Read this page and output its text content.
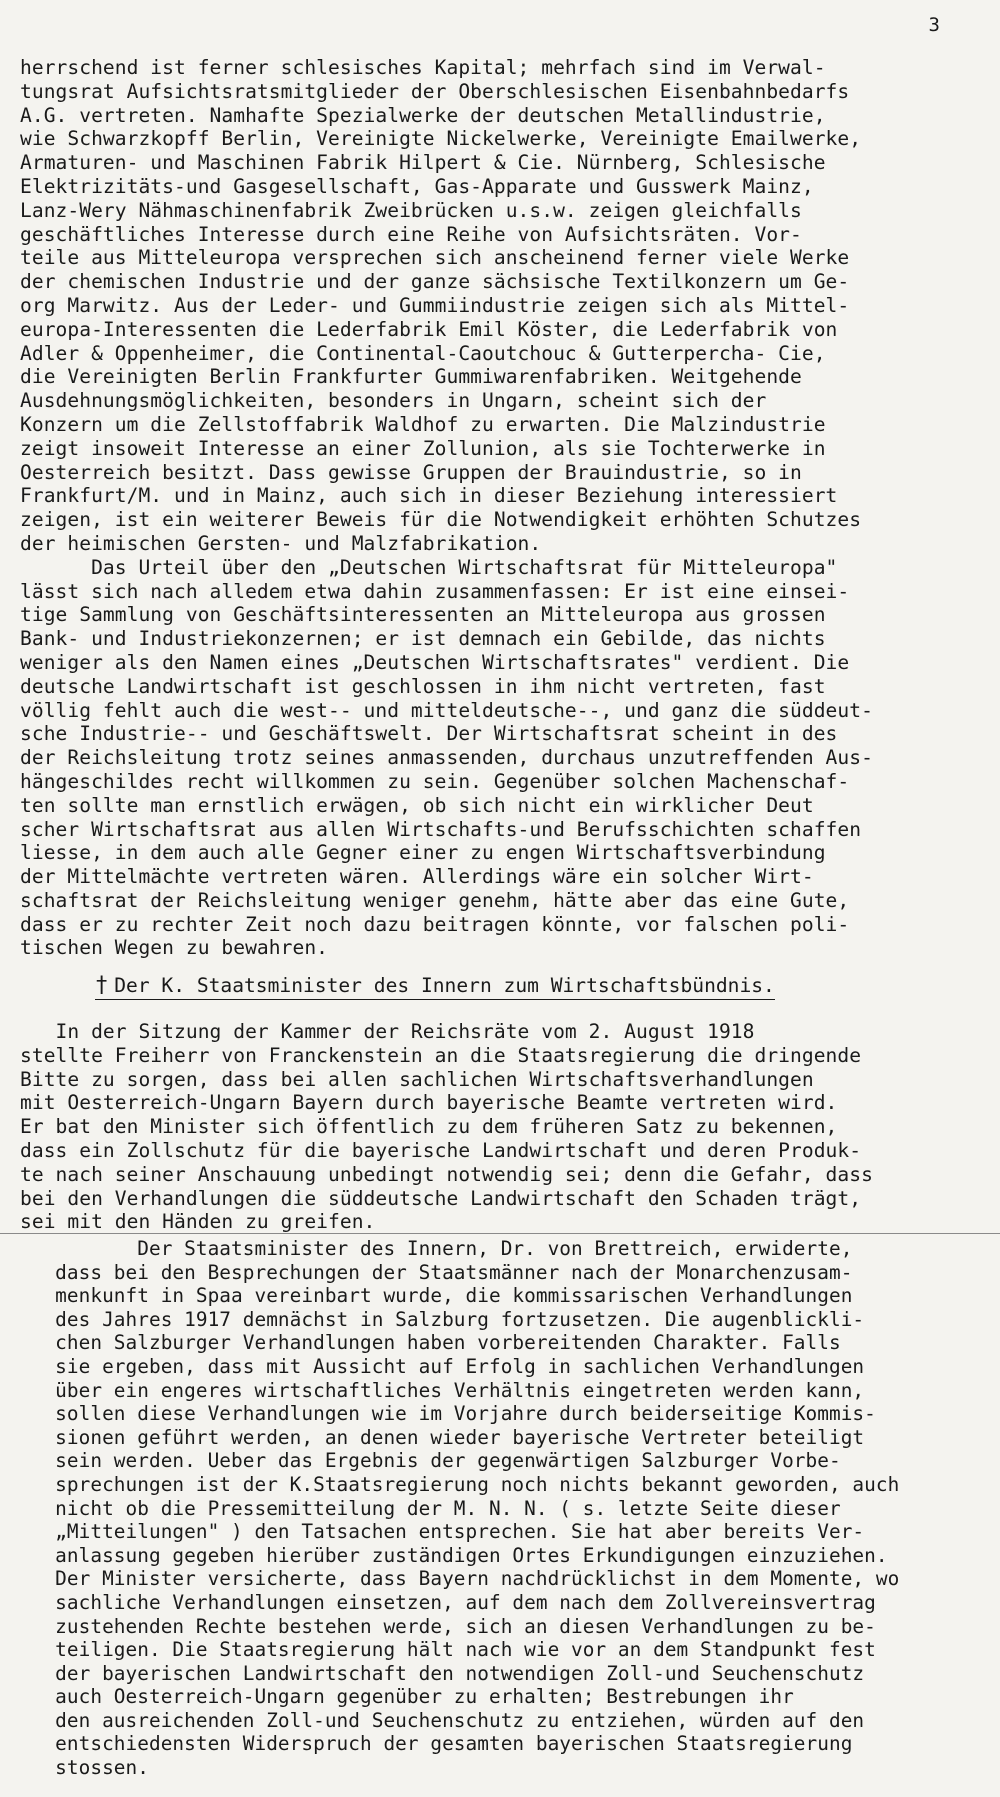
3
herrschend ist ferner schlesisches Kapital; mehrfach sind im Verwal-
tungsrat Aufsichtsratsmitglieder der Oberschlesischen Eisenbahnbedarfs
A.G. vertreten. Namhafte Spezialwerke der deutschen Metallindustrie,
wie Schwarzkopff Berlin, Vereinigte Nickelwerke, Vereinigte Emailwerke,
Armaturen- und Maschinen Fabrik Hilpert & Cie. Nürnberg, Schlesische
Elektrizitäts-und Gasgesellschaft, Gas-Apparate und Gusswerk Mainz,
Lanz-Wery Nähmaschinenfabrik Zweibrücken u.s.w. zeigen gleichfalls
geschäftliches Interesse durch eine Reihe von Aufsichtsräten. Vor-
teile aus Mitteleuropa versprechen sich anscheinend ferner viele Werke
der chemischen Industrie und der ganze sächsische Textilkonzern um Ge-
org Marwitz. Aus der Leder- und Gummiindustrie zeigen sich als Mittel-
europa-Interessenten die Lederfabrik Emil Köster, die Lederfabrik von
Adler & Oppenheimer, die Continental-Caoutchouc & Gutterpercha- Cie,
die Vereinigten Berlin Frankfurter Gummiwarenfabriken. Weitgehende
Ausdehnungsmöglichkeiten, besonders in Ungarn, scheint sich der
Konzern um die Zellstoffabrik Waldhof zu erwarten. Die Malzindustrie
zeigt insoweit Interesse an einer Zollunion, als sie Tochterwerke in
Oesterreich besitzt. Dass gewisse Gruppen der Brauindustrie, so in
Frankfurt/M. und in Mainz, auch sich in dieser Beziehung interessiert
zeigen, ist ein weiterer Beweis für die Notwendigkeit erhöhten Schutzes
der heimischen Gersten- und Malzfabrikation.
Das Urteil über den „Deutschen Wirtschaftsrat für Mitteleuropa"
lässt sich nach alledem etwa dahin zusammenfassen: Er ist eine einsei-
tige Sammlung von Geschäftsinteressenten an Mitteleuropa aus grossen
Bank- und Industriekonzernen; er ist demnach ein Gebilde, das nichts
weniger als den Namen eines „Deutschen Wirtschaftsrates" verdient. Die
deutsche Landwirtschaft ist geschlossen in ihm nicht vertreten, fast
völlig fehlt auch die west-- und mitteldeutsche--, und ganz die süddeut-
sche Industrie-- und Geschäftswelt. Der Wirtschaftsrat scheint in des
der Reichsleitung trotz seines anmassenden, durchaus unzutreffenden Aus-
hängeschildes recht willkommen zu sein. Gegenüber solchen Machenschaf-
ten sollte man ernstlich erwägen, ob sich nicht ein wirklicher Deut
scher Wirtschaftsrat aus allen Wirtschafts-und Berufsschichten schaffen
liesse, in dem auch alle Gegner einer zu engen Wirtschaftsverbindung
der Mittelmächte vertreten wären. Allerdings wäre ein solcher Wirt-
schaftsrat der Reichsleitung weniger genehm, hätte aber das eine Gute,
dass er zu rechter Zeit noch dazu beitragen könnte, vor falschen poli-
tischen Wegen zu bewahren.
† Der K. Staatsminister des Innern zum Wirtschaftsbündnis.
In der Sitzung der Kammer der Reichsräte vom 2. August 1918
stellte Freiherr von Franckenstein an die Staatsregierung die dringende
Bitte zu sorgen, dass bei allen sachlichen Wirtschaftsverhandlungen
mit Oesterreich-Ungarn Bayern durch bayerische Beamte vertreten wird.
Er bat den Minister sich öffentlich zu dem früheren Satz zu bekennen,
dass ein Zollschutz für die bayerische Landwirtschaft und deren Produk-
te nach seiner Anschauung unbedingt notwendig sei; denn die Gefahr, dass
bei den Verhandlungen die süddeutsche Landwirtschaft den Schaden trägt,
sei mit den Händen zu greifen.
Der Staatsminister des Innern, Dr. von Brettreich, erwiderte,
dass bei den Besprechungen der Staatsmänner nach der Monarchenzusam-
menkunft in Spaa vereinbart wurde, die kommissarischen Verhandlungen
des Jahres 1917 demnächst in Salzburg fortzusetzen. Die augenblickli-
chen Salzburger Verhandlungen haben vorbereitenden Charakter. Falls
sie ergeben, dass mit Aussicht auf Erfolg in sachlichen Verhandlungen
über ein engeres wirtschaftliches Verhältnis eingetreten werden kann,
sollen diese Verhandlungen wie im Vorjahre durch beiderseitige Kommis-
sionen geführt werden, an denen wieder bayerische Vertreter beteiligt
sein werden. Ueber das Ergebnis der gegenwärtigen Salzburger Vorbe-
sprechungen ist der K.Staatsregierung noch nichts bekannt geworden, auch
nicht ob die Pressemitteilung der M. N. N. ( s. letzte Seite dieser
„Mitteilungen" ) den Tatsachen entsprechen. Sie hat aber bereits Ver-
anlassung gegeben hierüber zuständigen Ortes Erkundigungen einzuziehen.
Der Minister versicherte, dass Bayern nachdrücklichst in dem Momente, wo
sachliche Verhandlungen einsetzen, auf dem nach dem Zollvereinsvertrag
zustehenden Rechte bestehen werde, sich an diesen Verhandlungen zu be-
teiligen. Die Staatsregierung hält nach wie vor an dem Standpunkt fest
der bayerischen Landwirtschaft den notwendigen Zoll-und Seuchenschutz
auch Oesterreich-Ungarn gegenüber zu erhalten; Bestrebungen ihr
den ausreichenden Zoll-und Seuchenschutz zu entziehen, würden auf den
entschiedensten Widerspruch der gesamten bayerischen Staatsregierung
stossen.
